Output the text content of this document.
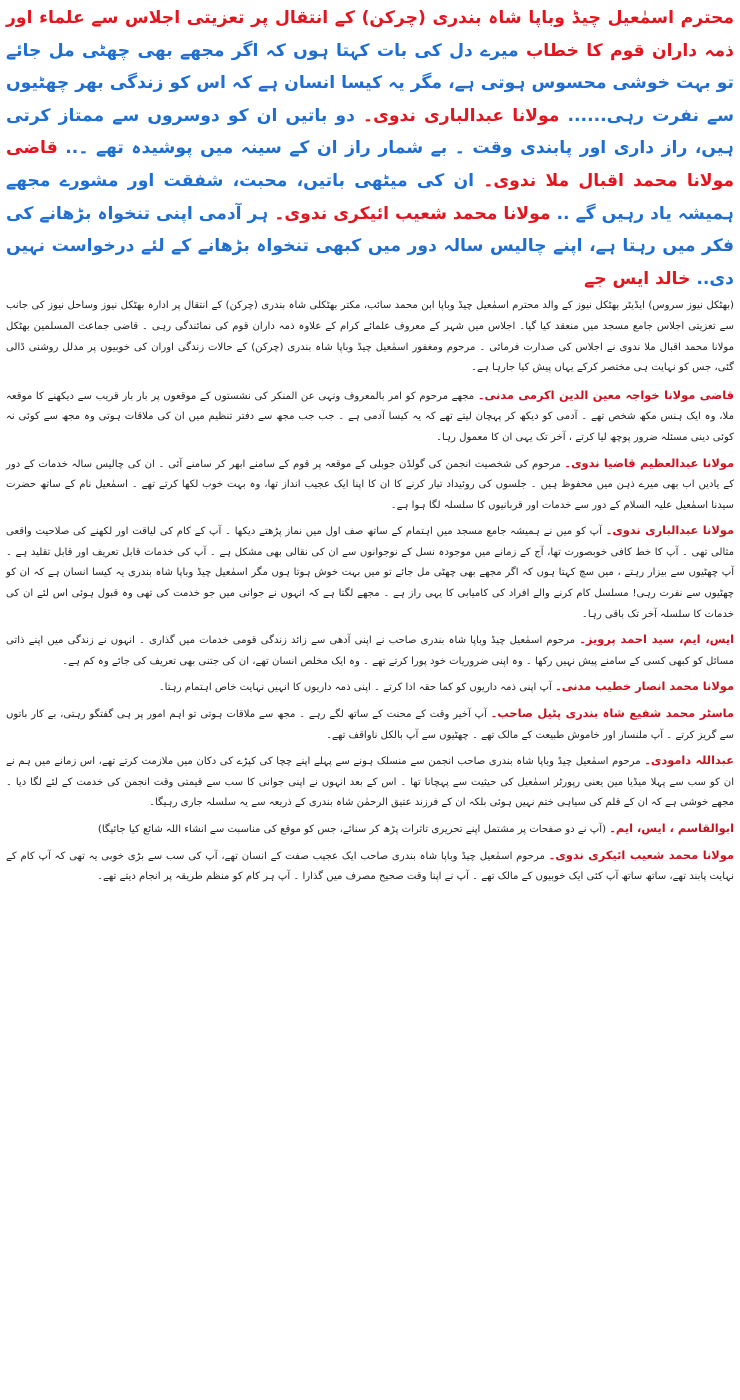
محترم اسمٰعیل چیڈ وباپا شاہ بندری (چرکن) کے انتقال پر تعزیتی اجلاس سے علماء اور ذمہ داران قوم کا خطاب میرے دل کی بات کہتا ہوں کہ اگر مجھے بھی چھٹی مل جائے تو بہت خوشی محسوس ہوتی ہے، مگر یہ کیسا انسان ہے کہ اس کو زندگی بھر چھٹیوں سے نفرت رہی...... مولانا عبدالباری ندوی۔ دو باتیں ان کو دوسروں سے ممتاز کرتی ہیں، راز داری اور پابندی وقت ۔ بے شمار راز ان کے سینہ میں پوشیدہ تھے ۔.. قاضی مولانا محمد اقبال ملا ندوی۔ ان کی میٹھی باتیں، محبت، شفقت اور مشورے مجھے ہمیشہ یاد رہیں گے .. مولانا محمد شعیب ائیکری ندوی۔ ہر آدمی اپنی تنخواہ بڑھانے کی فکر میں رہتا ہے، اپنے چالیس سالہ دور میں کبھی تنخواہ بڑھانے کے لئے درخواست نہیں دی.. خالد ایس جے

(بھٹکل نیوز سروس) ایڈیٹر بھٹکل نیوز کے والد محترم اسمٰعیل چیڈ وباپا ابن محمد سائب، مکتر بھٹکلی شاہ بندری (چرکن) کے انتقال پر ادارہ بھٹکل نیوز وساحل نیوز کی جانب سے تعزیتی اجلاس جامع مسجد میں منعقد کیا گیا۔ اجلاس میں شہر کے معروف علمائے کرام کے علاوہ ذمہ داران قوم کی نمائندگی رہی ۔ قاضی جماعت المسلمین بھٹکل مولانا محمد اقبال ملا ندوی نے اجلاس کی صدارت فرمائی ۔ مرحوم ومغفور اسمٰعیل چیڈ وباپا شاہ بندری (چرکن) کے حالات زندگی اوران کی خوبیوں پر مدلل روشنی ڈالی گئی، جس کو نہایت ہی مختصر کرکے یہاں پیش کیا جارہا ہے۔

قاضی مولانا خواجہ معین الدین اکرمی مدنی۔ مجھے مرحوم کو امر بالمعروف ونہی عن المنکر کی نشستوں کے موقعوں پر بار بار قریب سے دیکھنے کا موقعہ ملا، وہ ایک ہنس مکھ شخص تھے ۔ آدمی کو دیکھ کر پہچان لیتے تھے کہ یہ کیسا آدمی ہے ۔ جب جب مجھ سے دفتر تنظیم میں ان کی ملاقات ہوتی وہ مجھ سے کوئی نہ کوئی دینی مسئلہ ضرور پوچھ لیا کرتے ، آخر تک یہی ان کا معمول رہا۔

مولانا عبدالعظیم قاضیا ندوی۔ مرحوم کی شخصیت انجمن کی گولڈن جوبلی کے موقعہ پر قوم کے سامنے ابھر کر سامنے آئی ۔ ان کی چالیس سالہ خدمات کے دور کے یادیں اب بھی میرے ذہن میں محفوظ ہیں ۔ جلسوں کی روئیداد تیار کرنے کا ان کا اپنا ایک عجیب انداز تھا، وہ بہت خوب لکھا کرتے تھے ۔ اسمٰعیل نام کے ساتھ حضرت سیدنا اسمٰعیل علیہ السلام کے دور سے خدمات اور قربانیوں کا سلسلہ لگا ہوا ہے۔

مولانا عبدالباری ندوی۔ آپ کو میں نے ہمیشہ جامع مسجد میں اہتمام کے ساتھ صف اول میں نماز پڑھتے دیکھا ۔ آپ کے کام کی لیاقت اور لکھنے کی صلاحیت واقعی مثالی تھی ۔ آپ کا خط کافی خوبصورت تھا، آج کے زمانے میں موجودہ نسل کے نوجوانوں سے ان کی نقالی بھی مشکل ہے ۔ آپ کی خدمات قابل تعریف اور قابل تقلید ہے ۔ آپ چھٹیوں سے بیزار رہتے ، میں سچ کہتا ہوں کہ اگر مجھے بھی چھٹی مل جائے تو میں بہت خوش ہوتا ہوں مگر اسمٰعیل چیڈ وباپا شاہ بندری یہ کیسا انسان ہے کہ ان کو چھٹیوں سے نفرت رہی! مسلسل کام کرنے والے افراد کی کامیابی کا یہی راز ہے ۔ مجھے لگتا ہے کہ انہوں نے جوانی میں جو خدمت کی تھی وہ قبول ہوئی اس لئے ان کی خدمات کا سلسلہ آخر تک باقی رہا۔

ایس، ایم، سید احمد پرویز۔ مرحوم اسمٰعیل چیڈ وباپا شاہ بندری صاحب نے اپنی آدھی سے زائد زندگی قومی خدمات میں گذاری ۔ انہوں نے زندگی میں اپنے ذاتی مسائل کو کبھی کسی کے سامنے پیش نہیں رکھا ۔ وہ اپنی ضروریات خود پورا کرتے تھے ۔ وہ ایک مخلص انسان تھے، ان کی جتنی بھی تعریف کی جائے وہ کم ہے۔

مولانا محمد انصار خطیب مدنی۔ آپ اپنی ذمہ داریوں کو کما حقہ ادا کرتے ۔ اپنی ذمہ داریوں کا انہیں نہایت خاص اہتمام رہتا۔

ماسٹر محمد شفیع شاہ بندری پٹیل صاحب۔ آپ آخیر وقت کے محنت کے ساتھ لگے رہے ۔ مجھ سے ملاقات ہوتی تو اہم امور پر ہی گفتگو رہتی، بے کار باتوں سے گریز کرتے ۔ آپ ملنسار اور خاموش طبیعت کے مالک تھے ۔ چھٹیوں سے آپ بالکل ناواقف تھے۔

عبداللہ دامودی۔ مرحوم اسمٰعیل چیڈ وباپا شاہ بندری صاحب انجمن سے منسلک ہونے سے پہلے اپنے چچا کی کپڑے کی دکان میں ملازمت کرتے تھے، اس زمانے میں ہم نے ان کو سب سے پہلا میڈیا مین یعنی رپورٹر اسمٰعیل کی حیثیت سے پہچانا تھا ۔ اس کے بعد انہوں نے اپنی جوانی کا سب سے قیمتی وقت انجمن کی خدمت کے لئے لگا دیا ۔ مجھے خوشی ہے کہ ان کے قلم کی سیاہی ختم نہیں ہوئی بلکہ ان کے فرزند عتیق الرحمٰن شاہ بندری کے ذریعہ سے یہ سلسلہ جاری رہیگا۔

ابوالقاسم ، ایس، ایم۔ (آپ نے دو صفحات پر مشتمل اپنے تحریری تاثرات پڑھ کر سنائے، جس کو موقع کی مناسبت سے انشاء اللہ شائع کیا جائیگا)

مولانا محمد شعیب ائیکری ندوی۔ مرحوم اسمٰعیل چیڈ وباپا شاہ بندری صاحب ایک عجیب صفت کے انسان تھے، آپ کی سب سے بڑی خوبی یہ تھی کہ آپ کام کے نہایت پابند تھے، ساتھ ساتھ آپ کئی ایک خوبیوں کے مالک تھے ۔ آپ نے اپنا وقت صحیح مصرف میں گذارا ۔ آپ ہر کام کو منظم طریقہ پر انجام دیتے تھے۔
